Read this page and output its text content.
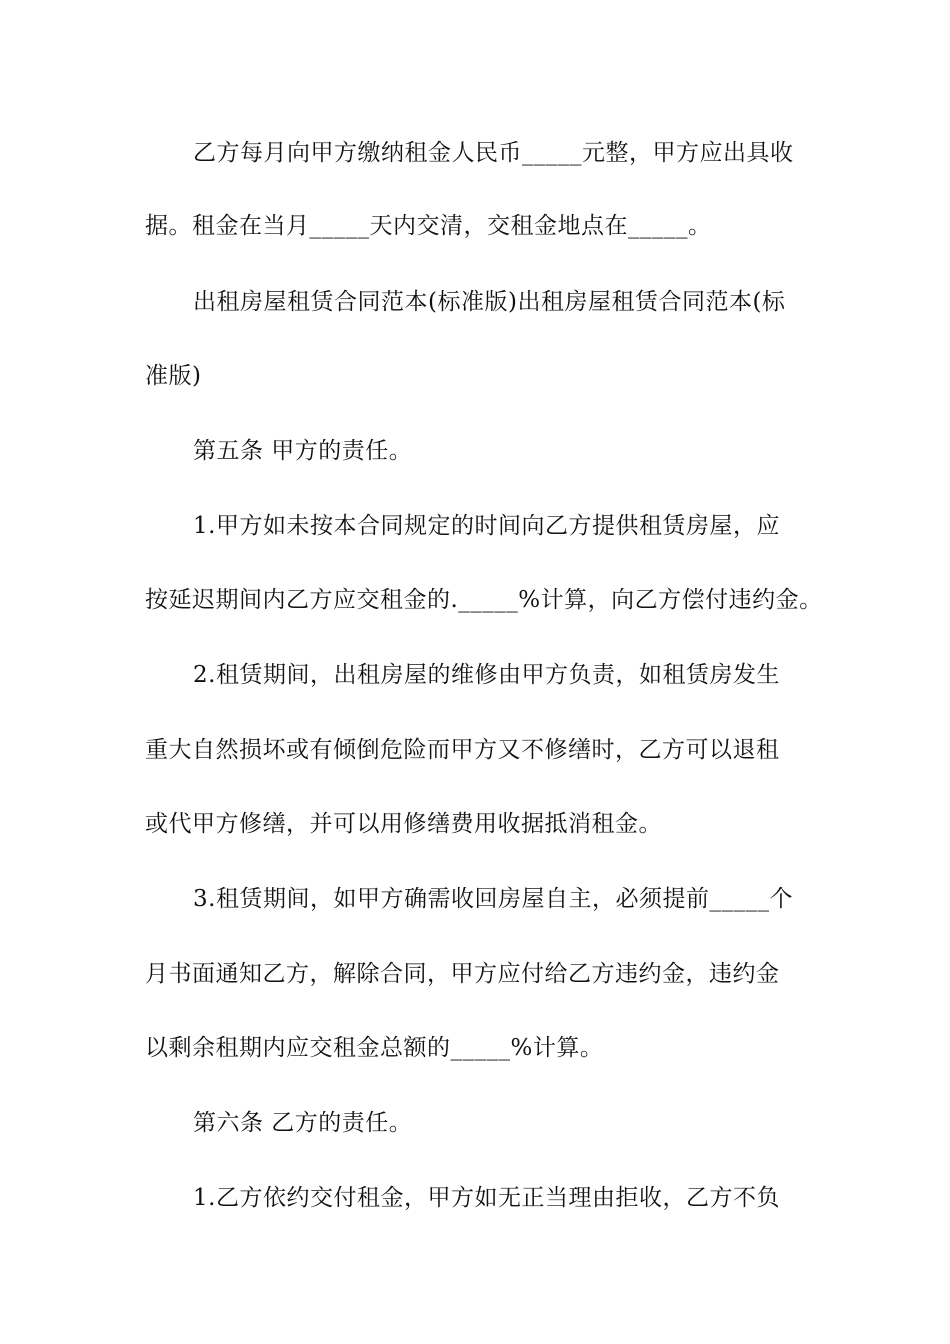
乙方每月向甲方缴纳租金人民币_____元整，甲方应出具收
据。租金在当月_____天内交清，交租金地点在_____。
出租房屋租赁合同范本(标准版)出租房屋租赁合同范本(标
准版)
第五条 甲方的责任。
1.甲方如未按本合同规定的时间向乙方提供租赁房屋，应
按延迟期间内乙方应交租金的._____%计算，向乙方偿付违约金。
2.租赁期间，出租房屋的维修由甲方负责，如租赁房发生
重大自然损坏或有倾倒危险而甲方又不修缮时，乙方可以退租
或代甲方修缮，并可以用修缮费用收据抵消租金。
3.租赁期间，如甲方确需收回房屋自主，必须提前_____个
月书面通知乙方，解除合同，甲方应付给乙方违约金，违约金
以剩余租期内应交租金总额的_____%计算。
第六条 乙方的责任。
1.乙方依约交付租金，甲方如无正当理由拒收，乙方不负
